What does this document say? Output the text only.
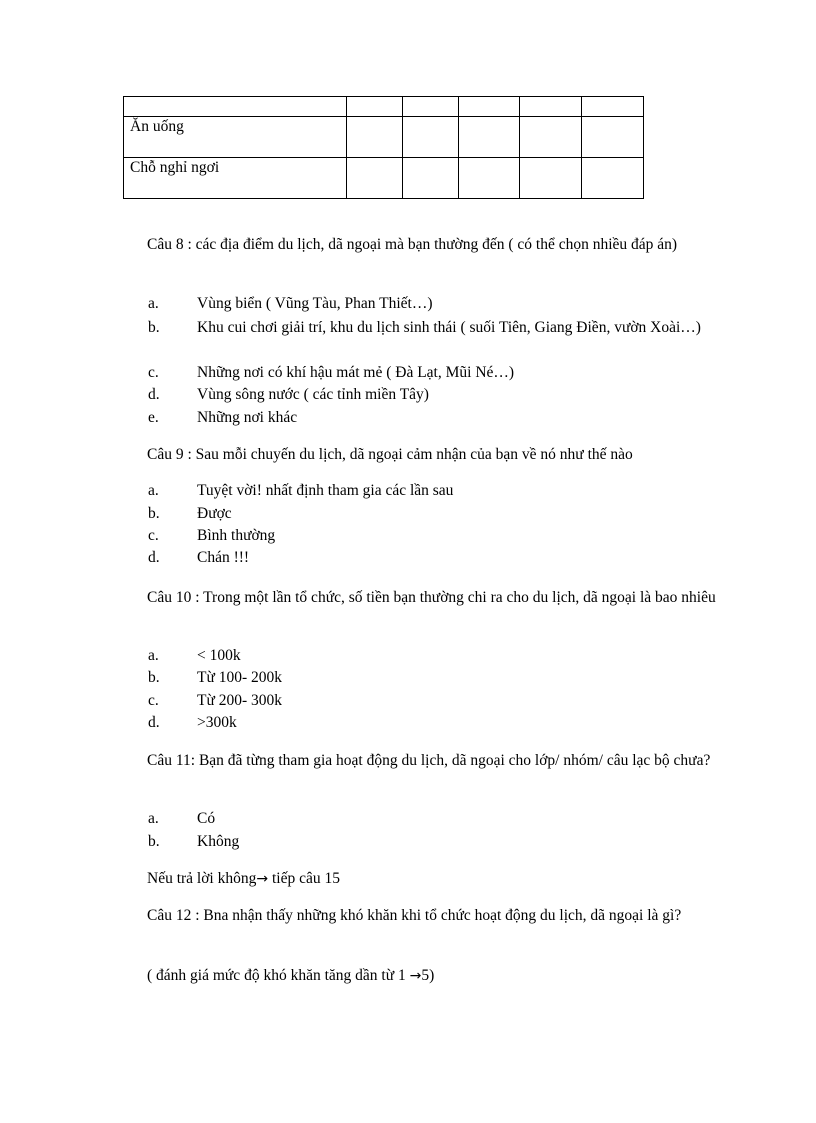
Ăn uống					
Chỗ nghỉ ngơi					
Câu 8 : các địa điểm du lịch, dã ngoại mà bạn thường đến ( có thể chọn nhiều đáp án)
a. Vùng biển ( Vũng Tàu, Phan Thiết…)
b. Khu cui chơi giải trí, khu du lịch sinh thái ( suối Tiên, Giang Điền, vườn Xoài…)
c. Những nơi có khí hậu mát mẻ ( Đà Lạt, Mũi Né…)
d. Vùng sông nước ( các tỉnh miền Tây)
e. Những nơi khác
Câu 9 : Sau mỗi chuyến du lịch, dã ngoại cảm nhận của bạn về nó như thế nào
a. Tuyệt vời! nhất định tham gia các lần sau
b. Được
c. Bình thường
d. Chán !!!
Câu 10 : Trong một lần tổ chức, số tiền bạn thường chi ra cho du lịch, dã ngoại là bao nhiêu
a. < 100k
b. Từ 100- 200k
c. Từ 200- 300k
d. >300k
Câu 11: Bạn đã từng tham gia hoạt động du lịch, dã ngoại cho lớp/ nhóm/ câu lạc bộ chưa?
a. Có
b. Không
Nếu trả lời không→ tiếp câu 15
Câu 12 : Bna nhận thấy những khó khăn khi tổ chức hoạt động du lịch, dã ngoại là gì?
( đánh giá mức độ khó khăn tăng dần từ 1 →5)
